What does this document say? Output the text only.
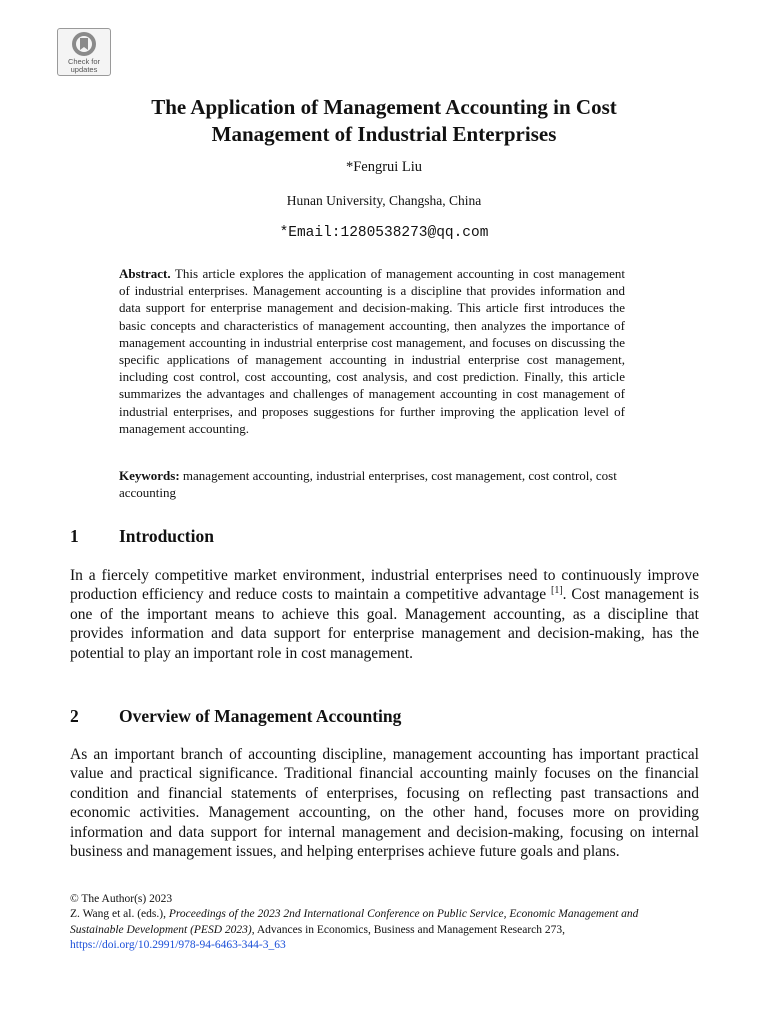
Check for
updates
The Application of Management Accounting in Cost
Management of Industrial Enterprises
*Fengrui Liu
Hunan University, Changsha, China
*Email:1280538273@qq.com

Abstract. This article explores the application of management accounting in cost management of industrial enterprises. Management accounting is a discipline that provides information and data support for enterprise management and decision-making. This article first introduces the basic concepts and characteristics of management accounting, then analyzes the importance of management accounting in industrial enterprise cost management, and focuses on discussing the specific applications of management accounting in industrial enterprise cost management, including cost control, cost accounting, cost analysis, and cost prediction. Finally, this article summarizes the advantages and challenges of management accounting in cost management of industrial enterprises, and proposes suggestions for further improving the application level of management accounting.

Keywords: management accounting, industrial enterprises, cost management, cost control, cost accounting

1 Introduction

In a fiercely competitive market environment, industrial enterprises need to continuously improve production efficiency and reduce costs to maintain a competitive advantage [1]. Cost management is one of the important means to achieve this goal. Management accounting, as a discipline that provides information and data support for enterprise management and decision-making, has the potential to play an important role in cost management.

2 Overview of Management Accounting

As an important branch of accounting discipline, management accounting has important practical value and practical significance. Traditional financial accounting mainly focuses on the financial condition and financial statements of enterprises, focusing on reflecting past transactions and economic activities. Management accounting, on the other hand, focuses more on providing information and data support for internal management and decision-making, focusing on internal business and management issues, and helping enterprises achieve future goals and plans.

© The Author(s) 2023
Z. Wang et al. (eds.), Proceedings of the 2023 2nd International Conference on Public Service, Economic Management and Sustainable Development (PESD 2023), Advances in Economics, Business and Management Research 273,
https://doi.org/10.2991/978-94-6463-344-3_63
